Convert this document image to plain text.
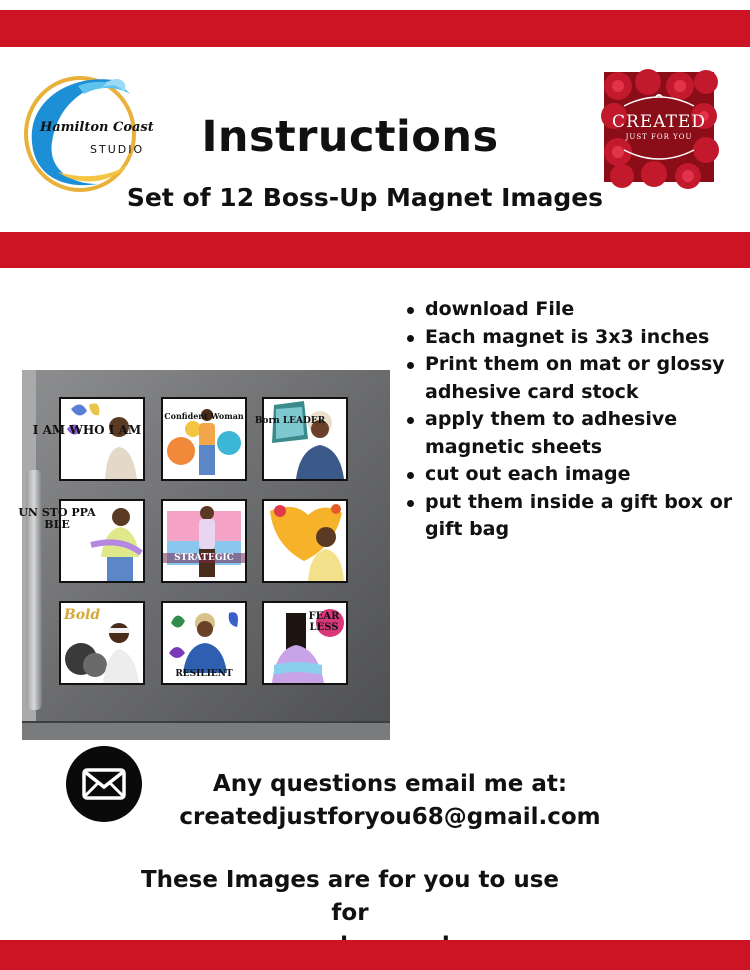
Hamilton Coast
STUDIO
CREATED
JUST FOR YOU
Instructions
Set of 12 Boss-Up Magnet Images
I AM WHO I AM
Confident Woman	Born LEADER
UN STO PPA BLE
STRATEGIC
Bold
RESILIENT
FEAR LESS
download File
Each magnet is 3x3 inches
Print them on mat or glossy adhesive card stock
apply them to adhesive magnetic sheets
cut out each image
put them inside a gift box or gift bag
Any questions email me at:
createdjustforyou68@gmail.com
These Images are for you to use for
